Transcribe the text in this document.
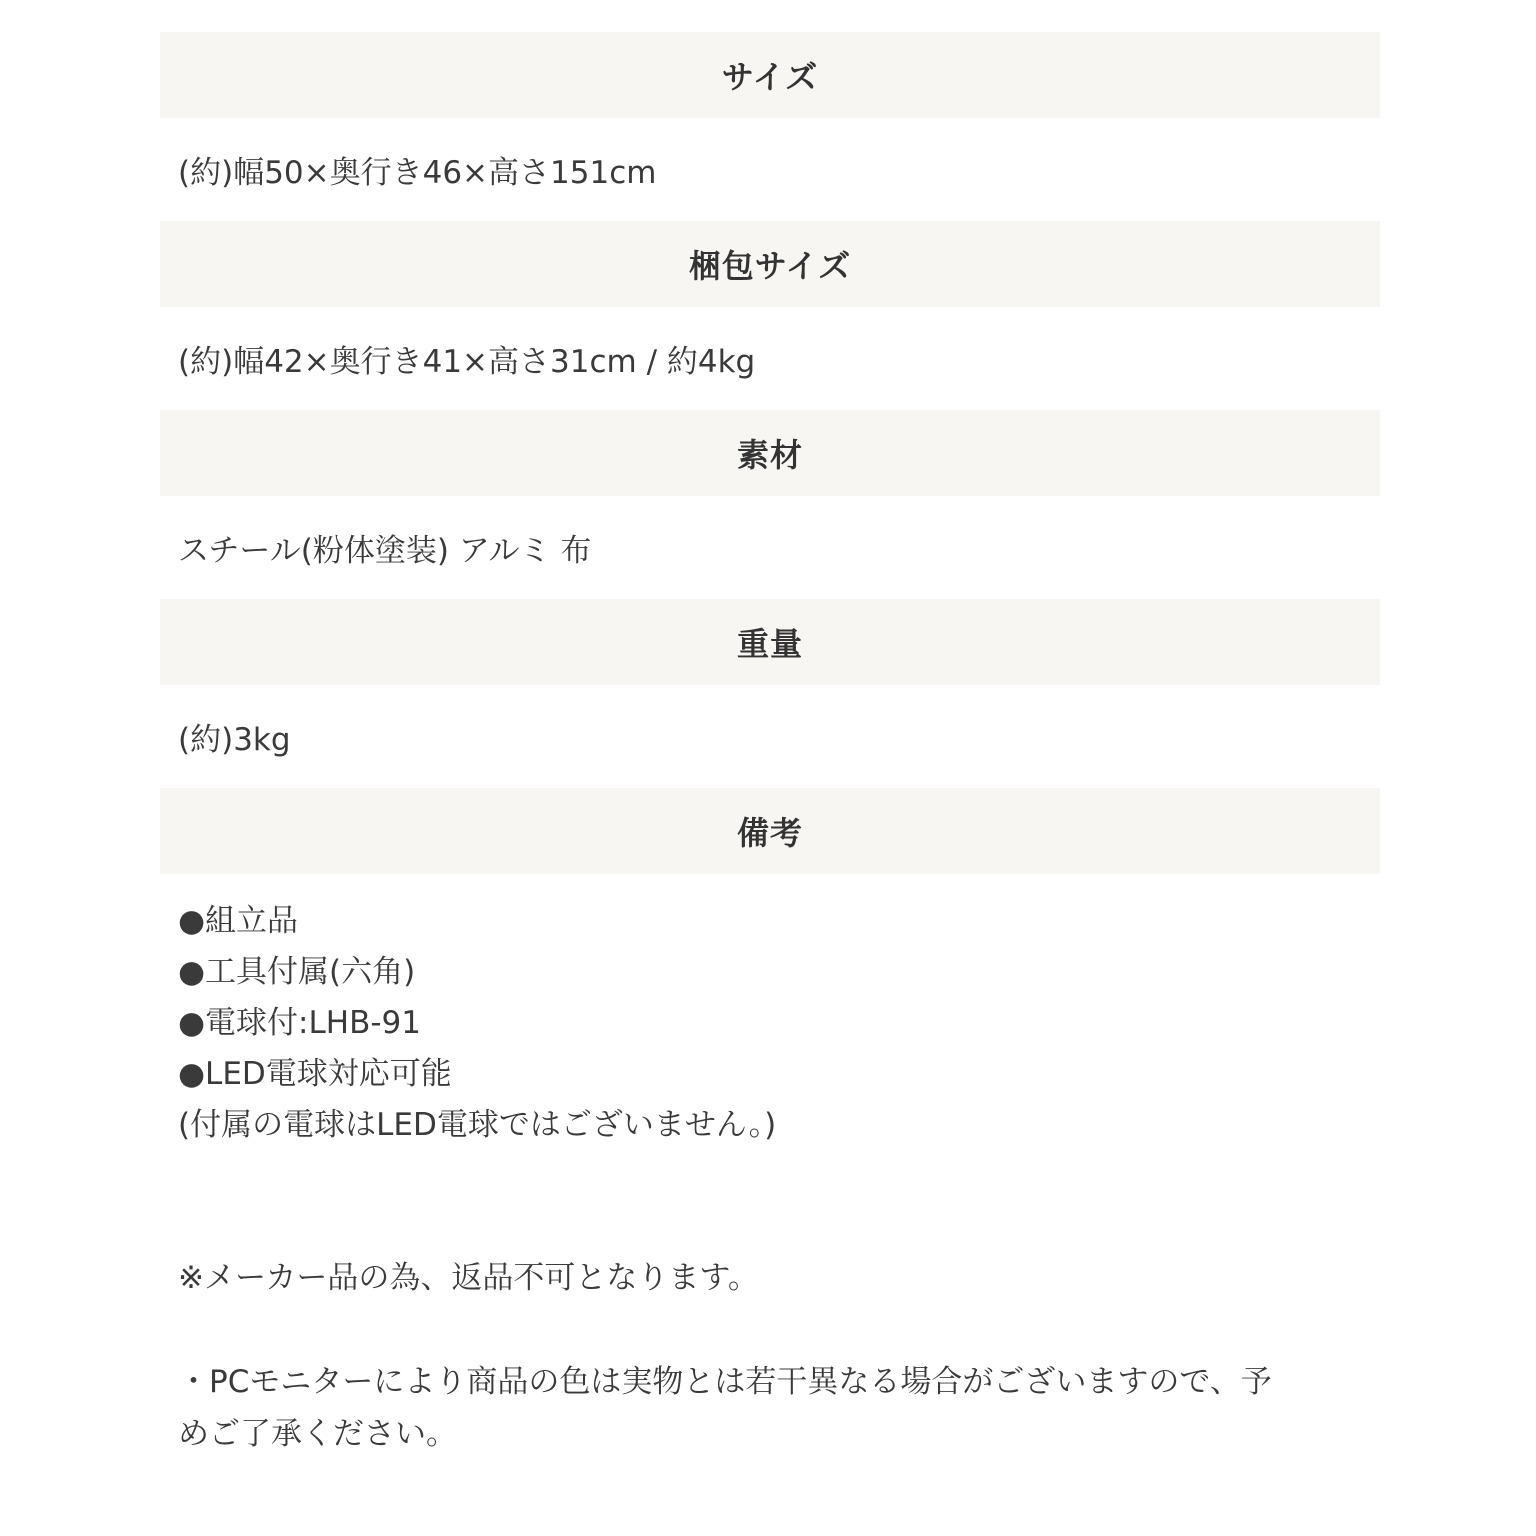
サイズ
(約)幅50×奥行き46×高さ151cm
梱包サイズ
(約)幅42×奥行き41×高さ31cm / 約4kg
素材
スチール(粉体塗装) アルミ 布
重量
(約)3kg
備考
●組立品
●工具付属(六角)
●電球付:LHB-91
●LED電球対応可能
(付属の電球はLED電球ではございません。)
※メーカー品の為、返品不可となります。
・PCモニターにより商品の色は実物とは若干異なる場合がございますので、予
めご了承ください。
